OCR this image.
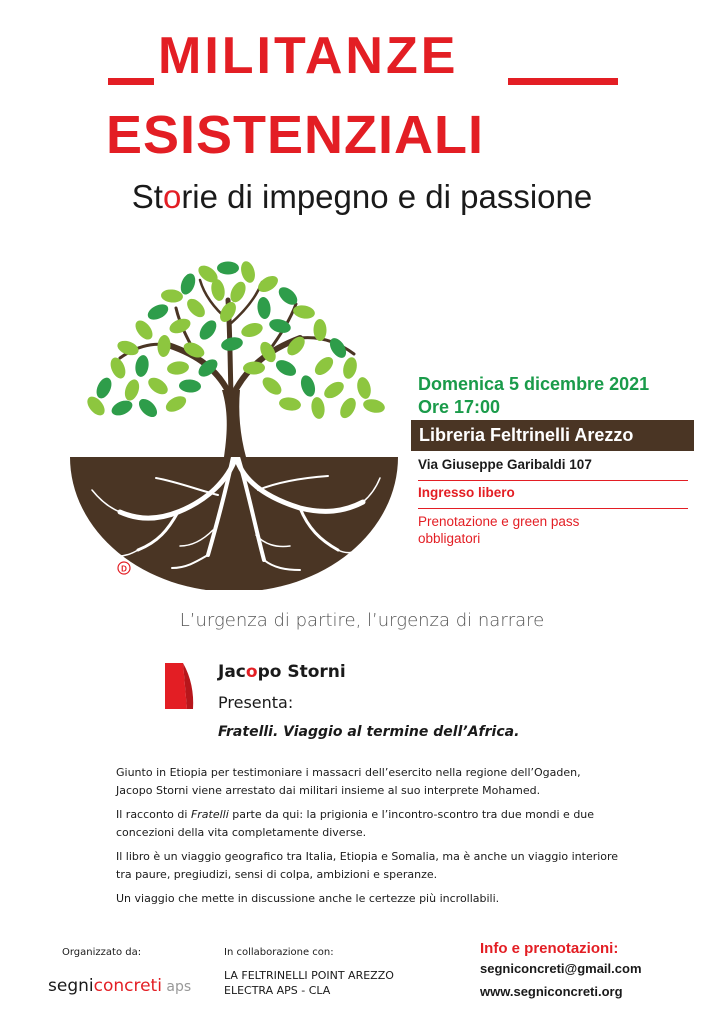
MILITANZE
ESISTENZIALI
Storie di impegno e di passione
D
Domenica 5 dicembre 2021
Ore 17:00
Libreria Feltrinelli Arezzo
Via Giuseppe Garibaldi 107
Ingresso libero
Prenotazione e green pass
obbligatori
L’urgenza di partire, l’urgenza di narrare
Jacopo Storni
Presenta:
Fratelli. Viaggio al termine dell’Africa.
Giunto in Etiopia per testimoniare i massacri dell’esercito nella regione dell’Ogaden,
Jacopo Storni viene arrestato dai militari insieme al suo interprete Mohamed.
Il racconto di Fratelli parte da qui: la prigionia e l’incontro-scontro tra due mondi e due
concezioni della vita completamente diverse.
Il libro è un viaggio geografico tra Italia, Etiopia e Somalia, ma è anche un viaggio interiore
tra paure, pregiudizi, sensi di colpa, ambizioni e speranze.
Un viaggio che mette in discussione anche le certezze più incrollabili.
Organizzato da:
segniconcreti aps
In collaborazione con:
LA FELTRINELLI POINT AREZZO
ELECTRA APS - CLA
Info e prenotazioni:
segniconcreti@gmail.com
www.segniconcreti.org
